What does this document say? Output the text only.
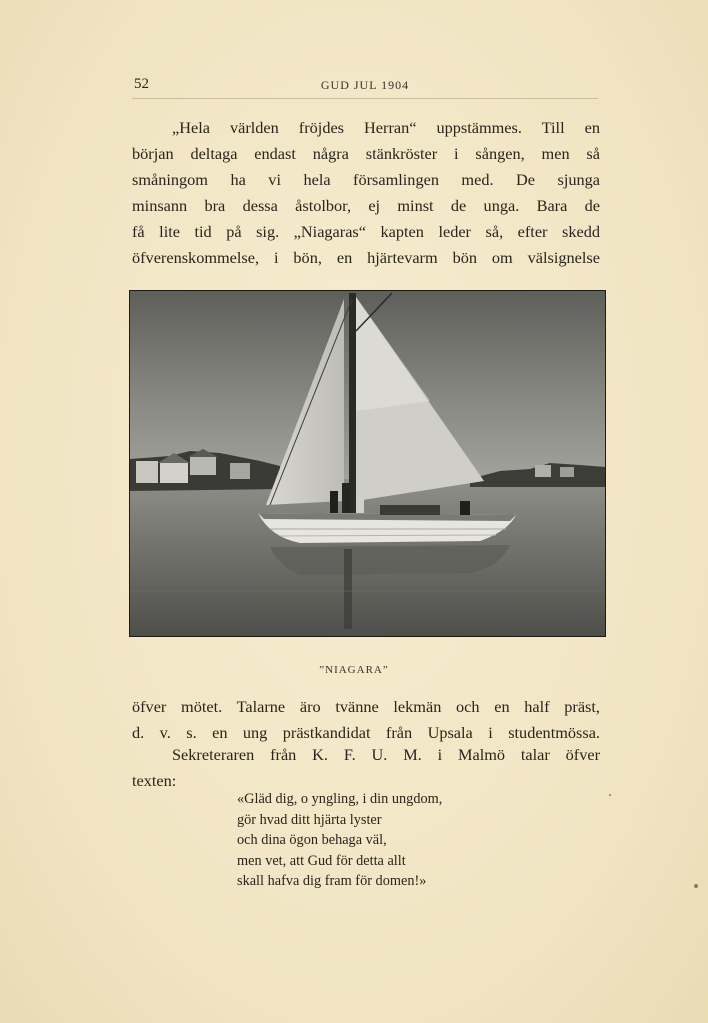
52	GUD JUL 1904
„Hela världen fröjdes Herran“ uppstämmes. Till en
början deltaga endast några stänkröster i sången, men så
småningom ha vi hela församlingen med. De sjunga
minsann bra dessa åstolbor, ej minst de unga. Bara de
få lite tid på sig. „Niagaras“ kapten leder så, efter skedd
öfverenskommelse, i bön, en hjärtevarm bön om välsignelse
”NIAGARA”
öfver mötet. Talarne äro tvänne lekmän och en half präst,
d. v. s. en ung prästkandidat från Upsala i studentmössa.
Sekreteraren från K. F. U. M. i Malmö talar öfver
texten:
«Gläd dig, o yngling, i din ungdom,
gör hvad ditt hjärta lyster
och dina ögon behaga väl,
men vet, att Gud för detta allt
skall hafva dig fram för domen!»
